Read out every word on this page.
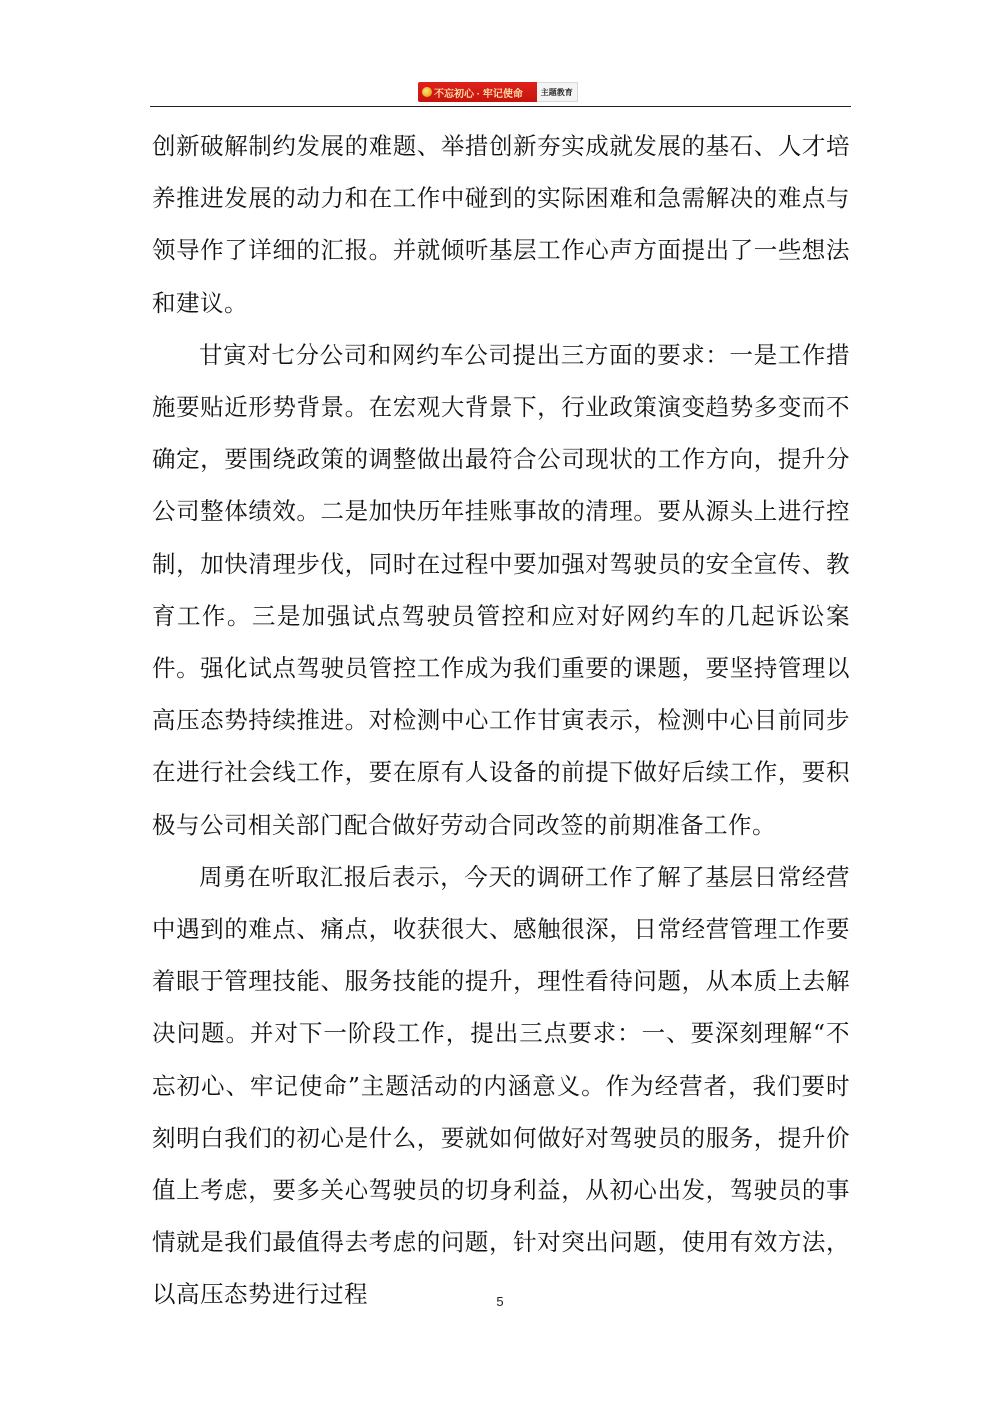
不忘初心 · 牢记使命	主题教育

创新破解制约发展的难题、举措创新夯实成就发展的基石、人才培养推进发展的动力和在工作中碰到的实际困难和急需解决的难点与领导作了详细的汇报。并就倾听基层工作心声方面提出了一些想法和建议。

甘寅对七分公司和网约车公司提出三方面的要求：一是工作措施要贴近形势背景。在宏观大背景下，行业政策演变趋势多变而不确定，要围绕政策的调整做出最符合公司现状的工作方向，提升分公司整体绩效。二是加快历年挂账事故的清理。要从源头上进行控制，加快清理步伐，同时在过程中要加强对驾驶员的安全宣传、教育工作。三是加强试点驾驶员管控和应对好网约车的几起诉讼案件。强化试点驾驶员管控工作成为我们重要的课题，要坚持管理以高压态势持续推进。对检测中心工作甘寅表示，检测中心目前同步在进行社会线工作，要在原有人设备的前提下做好后续工作，要积极与公司相关部门配合做好劳动合同改签的前期准备工作。

周勇在听取汇报后表示，今天的调研工作了解了基层日常经营中遇到的难点、痛点，收获很大、感触很深，日常经营管理工作要着眼于管理技能、服务技能的提升，理性看待问题，从本质上去解决问题。并对下一阶段工作，提出三点要求：一、要深刻理解“不忘初心、牢记使命”主题活动的内涵意义。作为经营者，我们要时刻明白我们的初心是什么，要就如何做好对驾驶员的服务，提升价值上考虑，要多关心驾驶员的切身利益，从初心出发，驾驶员的事情就是我们最值得去考虑的问题，针对突出问题，使用有效方法，以高压态势进行过程	5
